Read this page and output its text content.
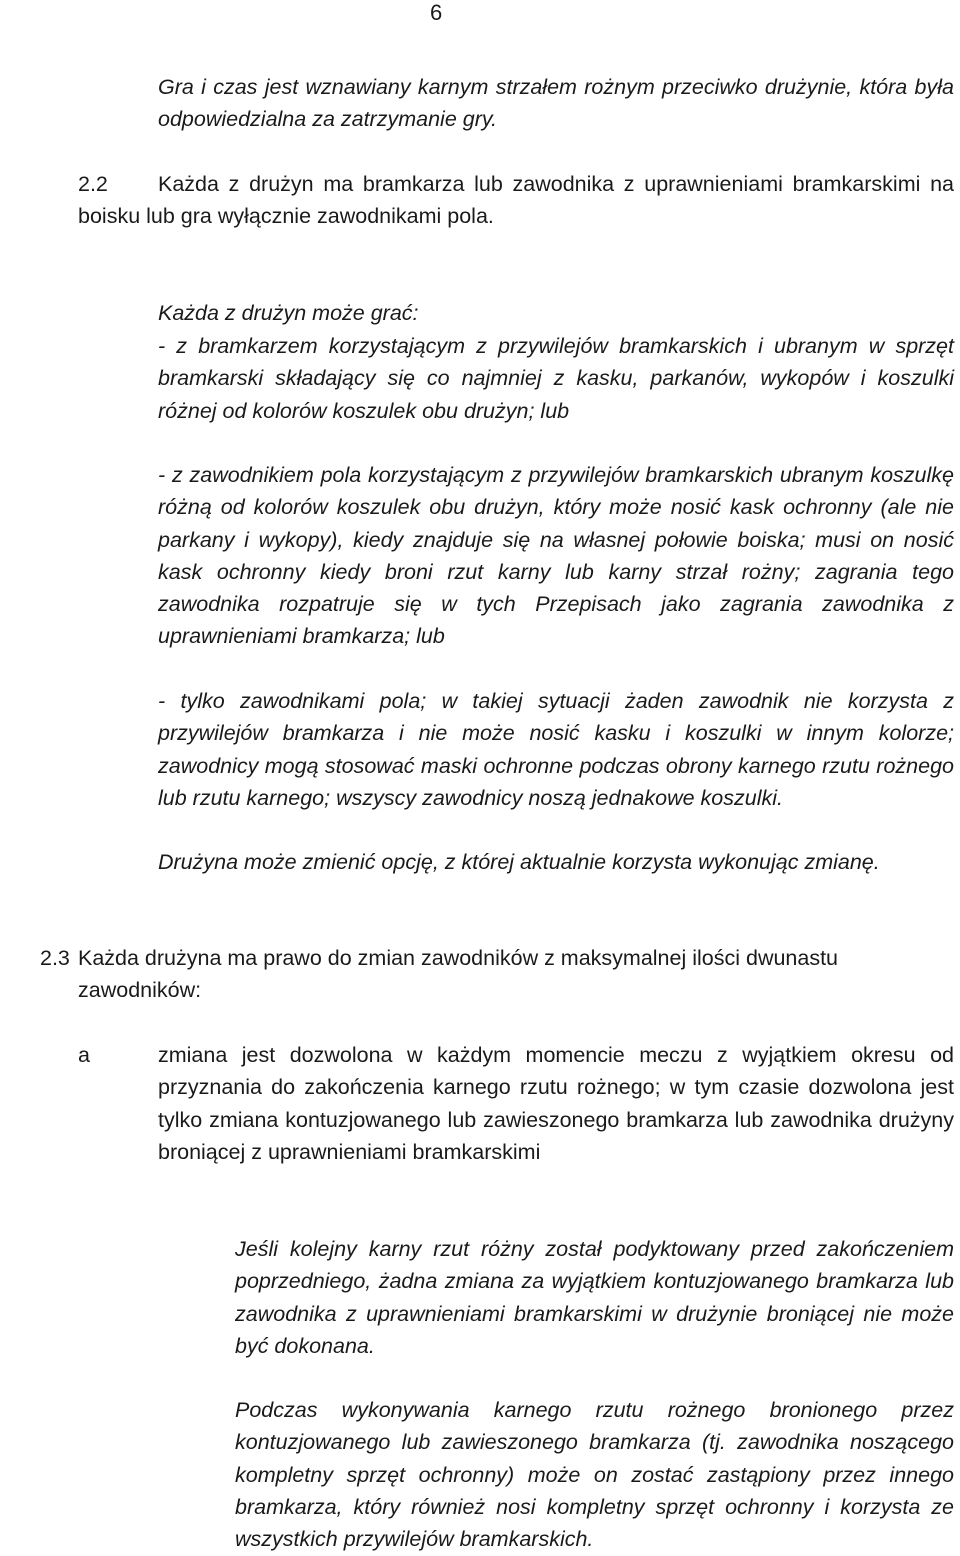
6

Gra i czas jest wznawiany karnym strzałem rożnym przeciwko drużynie, która była odpowiedzialna za zatrzymanie gry.

2.2	Każda z drużyn ma bramkarza lub zawodnika z uprawnieniami bramkarskimi na boisku lub gra wyłącznie zawodnikami pola.

Każda z drużyn może grać:

- z bramkarzem korzystającym z przywilejów bramkarskich i ubranym w sprzęt bramkarski składający się co najmniej z kasku, parkanów, wykopów i koszulki różnej od kolorów koszulek obu drużyn; lub

- z zawodnikiem pola korzystającym z przywilejów bramkarskich ubranym koszulkę różną od kolorów koszulek obu drużyn, który może nosić kask ochronny (ale nie parkany i wykopy), kiedy znajduje się na własnej połowie boiska; musi on nosić kask ochronny kiedy broni rzut karny lub karny strzał rożny; zagrania tego zawodnika rozpatruje się w tych Przepisach jako zagrania zawodnika z uprawnieniami bramkarza; lub

- tylko zawodnikami pola; w takiej sytuacji żaden zawodnik nie korzysta z przywilejów bramkarza i nie może nosić kasku i koszulki w innym kolorze; zawodnicy mogą stosować maski ochronne podczas obrony karnego rzutu rożnego lub rzutu karnego; wszyscy zawodnicy noszą jednakowe koszulki.

Drużyna może zmienić opcję, z której aktualnie korzysta wykonując zmianę.

2.3 Każda drużyna ma prawo do zmian zawodników z maksymalnej ilości dwunastu zawodników:

a	zmiana jest dozwolona w każdym momencie meczu z wyjątkiem okresu od przyznania do zakończenia karnego rzutu rożnego; w tym czasie dozwolona jest tylko zmiana kontuzjowanego lub zawieszonego bramkarza lub zawodnika drużyny broniącej z uprawnieniami bramkarskimi

Jeśli kolejny karny rzut różny został podyktowany przed zakończeniem poprzedniego, żadna zmiana za wyjątkiem kontuzjowanego bramkarza lub zawodnika z uprawnieniami bramkarskimi w drużynie broniącej nie może być dokonana.

Podczas wykonywania karnego rzutu rożnego bronionego przez kontuzjowanego lub zawieszonego bramkarza (tj. zawodnika noszącego kompletny sprzęt ochronny) może on zostać zastąpiony przez innego bramkarza, który również nosi kompletny sprzęt ochronny i korzysta ze wszystkich przywilejów bramkarskich.
